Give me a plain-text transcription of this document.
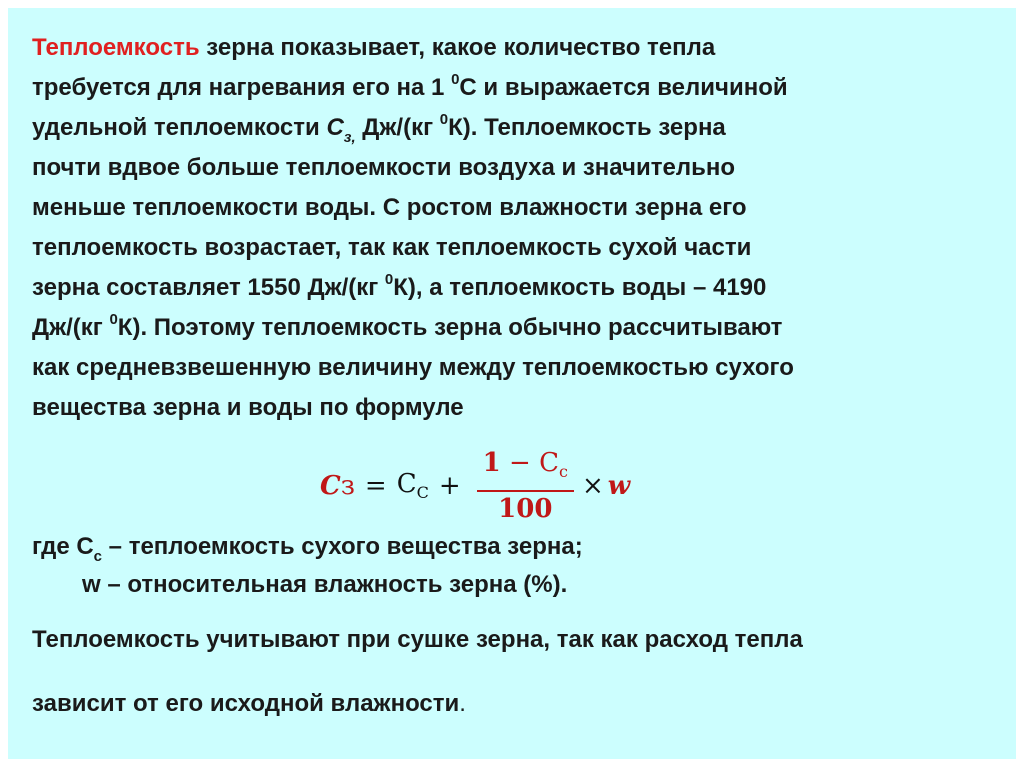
Теплоемкость зерна показывает, какое количество тепла
требуется для нагревания его на 1 $^0$С и выражается величиной
удельной теплоемкости $С_{з,}$ Дж/(кг $^0$К). Теплоемкость зерна
почти вдвое больше теплоемкости воздуха и значительно
меньше теплоемкости воды. С ростом влажности зерна его
теплоемкость возрастает, так как теплоемкость сухой части
зерна составляет 1550 Дж/(кг $^0$К), а теплоемкость воды – 4190
Дж/(кг $^0$К). Поэтому теплоемкость зерна обычно рассчитывают
как средневзвешенную величину между теплоемкостью сухого
вещества зерна и воды по формуле
С $з = С_С + \frac{1 - С_с}{100} \times w$
где $С_с$ – теплоемкость сухого вещества зерна;
w – относительная влажность зерна (%).
Теплоемкость учитывают при сушке зерна, так как расход тепла
зависит от его исходной влажности.
